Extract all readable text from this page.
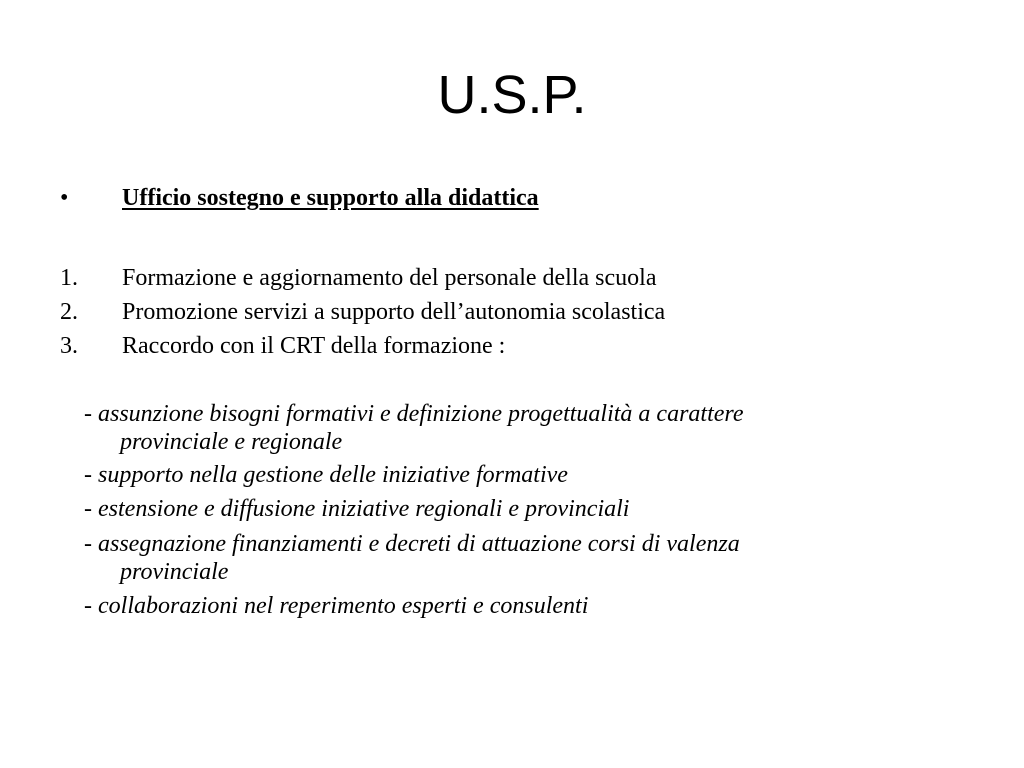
U.S.P.
•	Ufficio sostegno e supporto alla didattica
1. Formazione e aggiornamento del personale della scuola
2. Promozione servizi a supporto dell’autonomia scolastica
3. Raccordo con il CRT della formazione :
- assunzione bisogni formativi e definizione progettualità a carattere
provinciale e regionale
- supporto nella gestione delle iniziative formative
- estensione e diffusione iniziative regionali e provinciali
- assegnazione finanziamenti e decreti di attuazione corsi di valenza
provinciale
- collaborazioni nel reperimento esperti e consulenti
